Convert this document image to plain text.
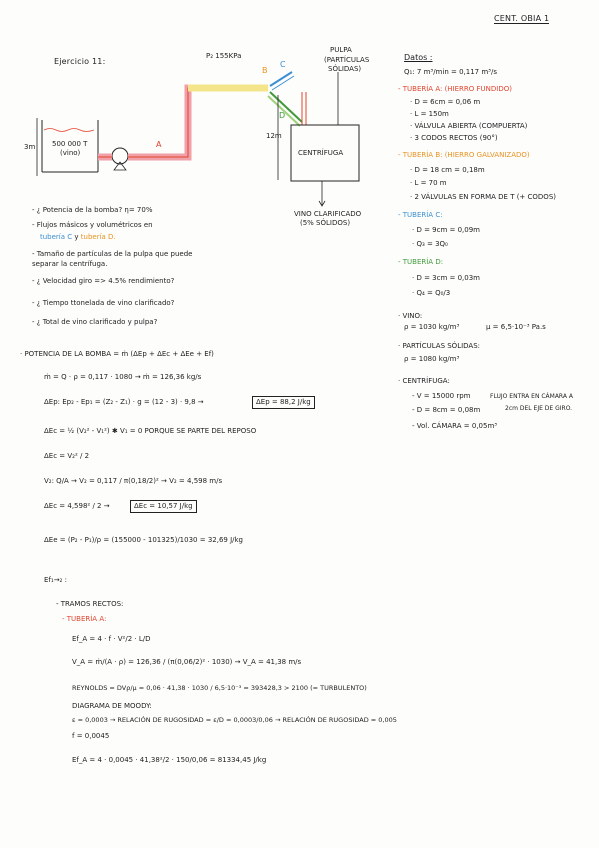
CENT. OBIA 1
Ejercicio 11:
500 000 T
(vino)
3m
P₂ 155KPa
PULPA
(PARTÍCULAS
SÓLIDAS)
CENTRÍFUGA
12m
VINO CLARIFICADO
(5% SÓLIDOS)
A
B
C
D
- ¿ Potencia de la bomba? η= 70%
- Flujos másicos y volumétricos en
tubería C y tubería D.
- Tamaño de partículas de la pulpa que puede
separar la centrífuga.
- ¿ Velocidad giro => 4.5% rendimiento?
- ¿ Tiempo ttonelada de vino clarificado?
- ¿ Total de vino clarificado y pulpa?
Datos :
Q₁: 7 m³/min = 0,117 m³/s
- TUBERÍA A: (HIERRO FUNDIDO)
· D = 6cm = 0,06 m
· L = 150m
· VÁLVULA ABIERTA (COMPUERTA)
· 3 CODOS RECTOS (90°)
- TUBERÍA B: (HIERRO GALVANIZADO)
· D = 18 cm = 0,18m
· L = 70 m
· 2 VÁLVULAS EN FORMA DE T (+ CODOS)
- TUBERÍA C:
· D = 9cm = 0,09m
· Q₃ = 3Q₀
- TUBERÍA D:
· D = 3cm = 0,03m
· Q₄ = Q₀/3
· VINO:
ρ = 1030 kg/m³	μ = 6,5·10⁻³ Pa.s
· PARTÍCULAS SÓLIDAS:
ρ = 1080 kg/m³
· CENTRÍFUGA:
- V = 15000 rpm
- D = 8cm = 0,08m
- Vol. CÁMARA = 0,05m³
FLUJO ENTRA EN CÁMARA A
2cm DEL EJE DE GIRO.
· POTENCIA DE LA BOMBA = ṁ (ΔEp + ΔEc + ΔEe + Ef)
ṁ = Q · ρ = 0,117 · 1080 → ṁ = 126,36 kg/s
ΔEp: Ep₂ - Ep₁ = (Z₂ - Z₁) · g = (12 - 3) · 9,8 →	ΔEp = 88,2 J/kg
ΔEc = ½ (V₂² - V₁²) ✱ V₁ = 0 PORQUE SE PARTE DEL REPOSO
ΔEc = V₂² / 2
V₂: Q/A → V₂ = 0,117 / π(0,18/2)² → V₂ = 4,598 m/s
ΔEc = 4,598² / 2 →	ΔEc = 10,57 J/kg
ΔEe = (P₂ - P₁)/ρ = (155000 - 101325)/1030 = 32,69 J/kg
Ef₁→₂ :
- TRAMOS RECTOS:
- TUBERÍA A:
Ef_A = 4 · f · V²/2 · L/D
V_A = ṁ/(A · ρ) = 126,36 / (π(0,06/2)² · 1030) → V_A = 41,38 m/s
REYNOLDS = DVρ/μ = 0,06 · 41,38 · 1030 / 6,5·10⁻³ = 393428,3 > 2100 (= TURBULENTO)
DIAGRAMA DE MOODY:
ε = 0,0003 → RELACIÓN DE RUGOSIDAD = ε/D = 0,0003/0,06 → RELACIÓN DE RUGOSIDAD = 0,005
f = 0,0045
Ef_A = 4 · 0,0045 · 41,38²/2 · 150/0,06 = 81334,45 J/kg
